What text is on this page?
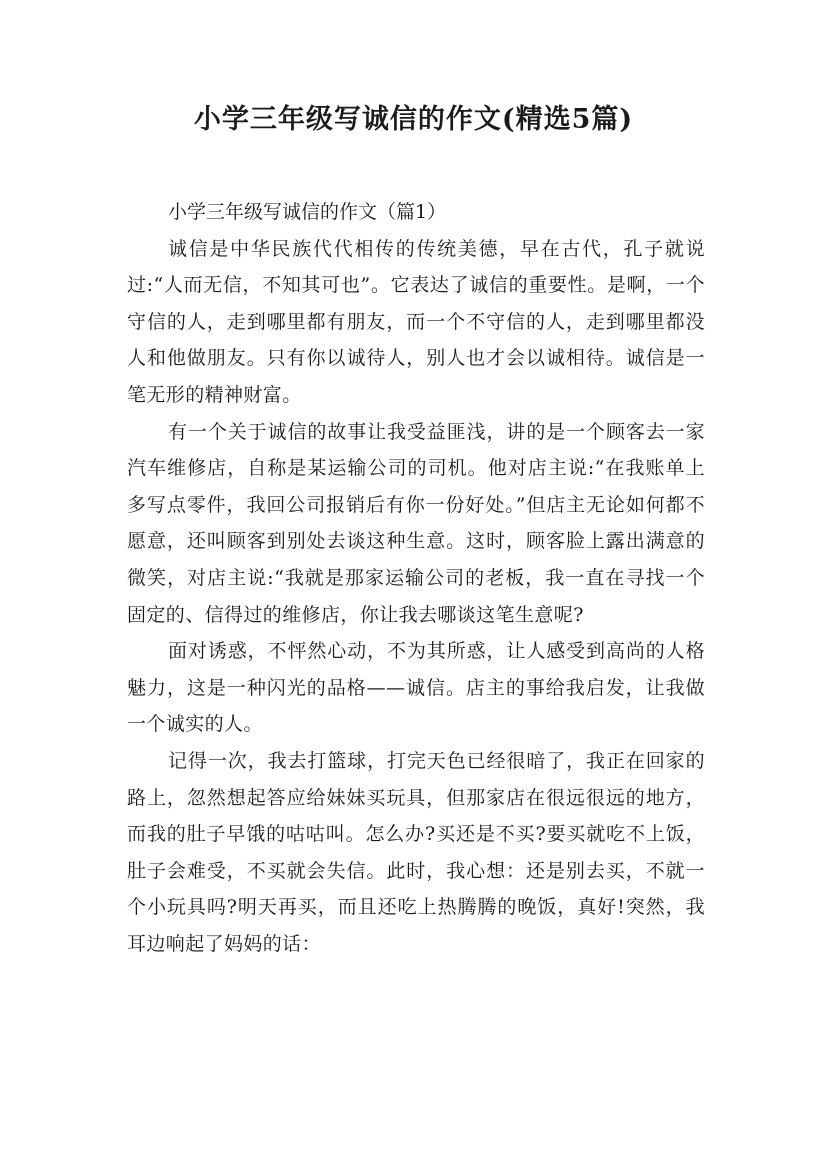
小学三年级写诚信的作文(精选5篇)

小学三年级写诚信的作文（篇1）

诚信是中华民族代代相传的传统美德，早在古代，孔子就说过:“人而无信，不知其可也”。它表达了诚信的重要性。是啊，一个守信的人，走到哪里都有朋友，而一个不守信的人，走到哪里都没人和他做朋友。只有你以诚待人，别人也才会以诚相待。诚信是一笔无形的精神财富。

有一个关于诚信的故事让我受益匪浅，讲的是一个顾客去一家汽车维修店，自称是某运输公司的司机。他对店主说:“在我账单上多写点零件，我回公司报销后有你一份好处。”但店主无论如何都不愿意，还叫顾客到别处去谈这种生意。这时，顾客脸上露出满意的微笑，对店主说:“我就是那家运输公司的老板，我一直在寻找一个固定的、信得过的维修店，你让我去哪谈这笔生意呢?

面对诱惑，不怦然心动，不为其所惑，让人感受到高尚的人格魅力，这是一种闪光的品格——诚信。店主的事给我启发，让我做一个诚实的人。

记得一次，我去打篮球，打完天色已经很暗了，我正在回家的路上，忽然想起答应给妹妹买玩具，但那家店在很远很远的地方，而我的肚子早饿的咕咕叫。怎么办?买还是不买?要买就吃不上饭，肚子会难受，不买就会失信。此时，我心想：还是别去买，不就一个小玩具吗?明天再买，而且还吃上热腾腾的晚饭，真好!突然，我耳边响起了妈妈的话：
